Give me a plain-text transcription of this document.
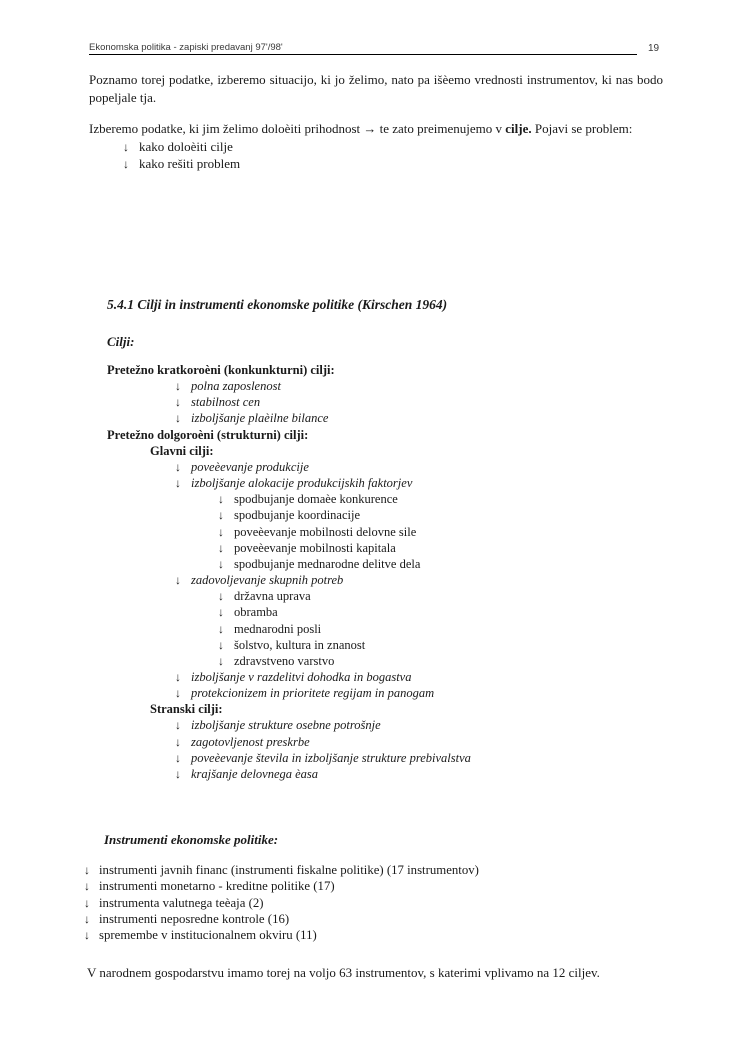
Ekonomska politika - zapiski predavanj 97'/98'	19
Poznamo torej podatke, izberemo situacijo, ki jo želimo, nato pa išèemo vrednosti instrumentov, ki nas bodo popeljale tja.
Izberemo podatke, ki jim želimo doloèiti prihodnost → te zato preimenujemo v cilje. Pojavi se problem:
↓ kako doloèiti cilje
↓ kako rešiti problem
5.4.1 Cilji in instrumenti ekonomske politike (Kirschen 1964)
Cilji:
Pretežno kratkoroèni (konkunkturni) cilji:
↓ polna zaposlenost
↓ stabilnost cen
↓ izboljšanje plaèilne bilance
Pretežno dolgoroèni (strukturni) cilji:
Glavni cilji:
↓ poveèevanje produkcije
↓ izboljšanje alokacije produkcijskih faktorjev
↓ spodbujanje domaèe konkurence
↓ spodbujanje koordinacije
↓ poveèevanje mobilnosti delovne sile
↓ poveèevanje mobilnosti kapitala
↓ spodbujanje mednarodne delitve dela
↓ zadovoljevanje skupnih potreb
↓ državna uprava
↓ obramba
↓ mednarodni posli
↓ šolstvo, kultura in znanost
↓ zdravstveno varstvo
↓ izboljšanje v razdelitvi dohodka in bogastva
↓ protekcionizem in prioritete regijam in panogam
Stranski cilji:
↓ izboljšanje strukture osebne potrošnje
↓ zagotovljenost preskrbe
↓ poveèevanje števila in izboljšanje strukture prebivalstva
↓ krajšanje delovnega èasa
Instrumenti ekonomske politike:
↓ instrumenti javnih financ (instrumenti fiskalne politike) (17 instrumentov)
↓ instrumenti monetarno - kreditne politike (17)
↓ instrumenta valutnega teèaja (2)
↓ instrumenti neposredne kontrole (16)
↓ spremembe v institucionalnem okviru (11)
V narodnem gospodarstvu imamo torej na voljo 63 instrumentov, s katerimi vplivamo na 12 ciljev.
